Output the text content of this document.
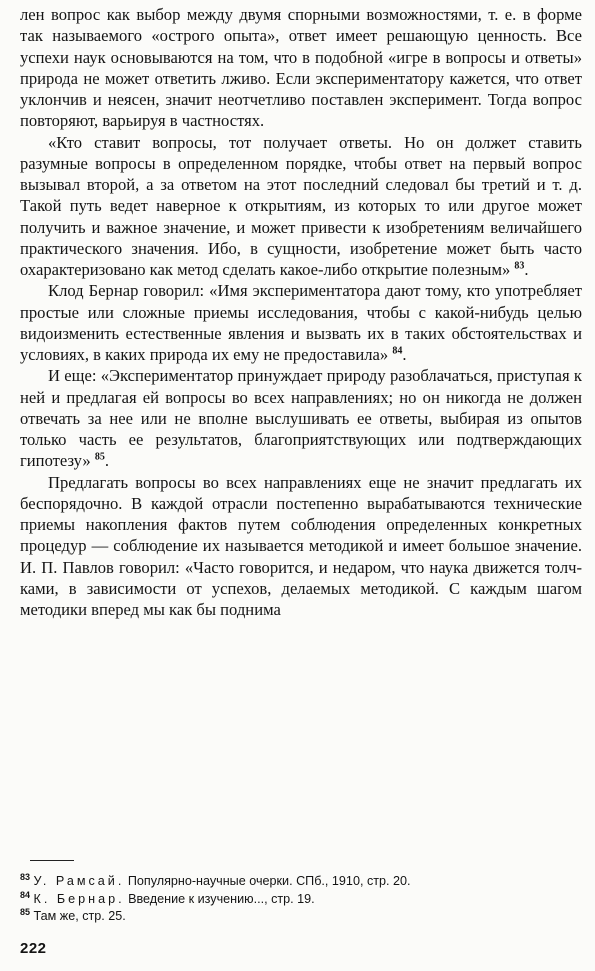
лен вопрос как выбор между двумя спорными возможностями, т. е. в форме так называемого «острого опыта», ответ имеет решающую ценность. Все успехи наук основываются на том, что в подобной «игре в вопросы и ответы» природа не может ответить лживо. Если экспериментатору кажется, что ответ уклончив и неясен, значит неотчетливо поставлен эксперимент. Тогда вопрос повторяют, варьируя в частностях.

«Кто ставит вопросы, тот получает ответы. Но он должет ставить разумные вопросы в определенном порядке, чтобы ответ на первый вопрос вызывал второй, а за ответом на этот последний следовал бы третий и т. д. Такой путь ведет наверное к открытиям, из которых то или другое может получить и важное значение, и может привести к изобретениям величайшего практического значения. Ибо, в сущности, изобретение может быть часто охарактеризовано как метод сделать какое-либо открытие полезным» $^{83}$.

Клод Бернар говорил: «Имя экспериментатора дают тому, кто употребляет простые или сложные приемы исследования, чтобы с какой-нибудь целью видоизменить естественные явления и вызвать их в таких обстоятельствах и условиях, в каких природа их ему не предоставила» $^{84}$.

И еще: «Экспериментатор принуждает природу разоблачаться, приступая к ней и предлагая ей вопросы во всех направлениях; но он никогда не должен отвечать за нее или не вполне выслушивать ее ответы, выбирая из опытов только часть ее результатов, благоприятствующих или подтверждающих гипотезу» $^{85}$.

Предлагать вопросы во всех направлениях еще не значит предлагать их беспорядочно. В каждой отрасли постепенно вырабатываются технические приемы накопления фактов путем соблюдения определенных конкретных процедур — соблюдение их называется методикой и имеет большое значение. И. П. Павлов говорил: «Часто говорится, и недаром, что наука движется толчками, в зависимости от успехов, делаемых методикой. С каждым шагом методики вперед мы как бы поднима

$^{83}$ У. Рамсай. Популярно-научные очерки. СПб., 1910, стр. 20.
$^{84}$ К. Бернар. Введение к изучению..., стр. 19.
$^{85}$ Там же, стр. 25.
222
